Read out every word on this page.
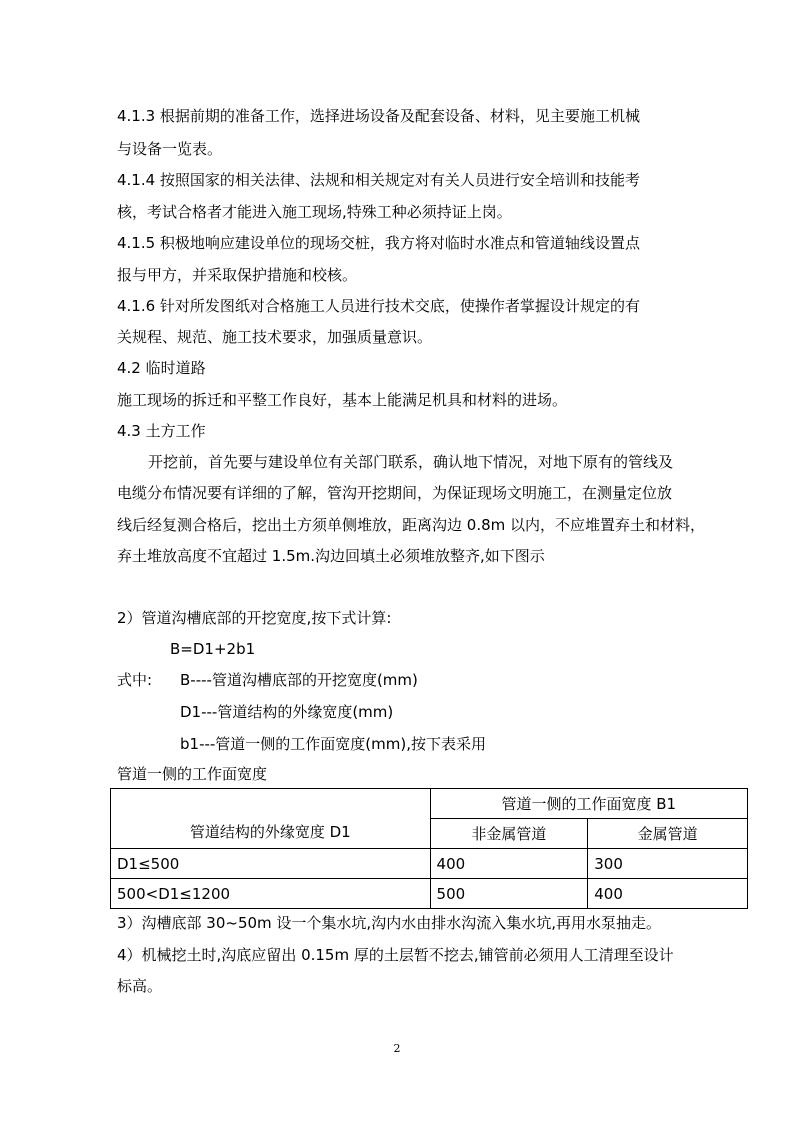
4.1.3 根据前期的准备工作，选择进场设备及配套设备、材料，见主要施工机械
与设备一览表。
4.1.4 按照国家的相关法律、法规和相关规定对有关人员进行安全培训和技能考
核，考试合格者才能进入施工现场,特殊工种必须持证上岗。
4.1.5 积极地响应建设单位的现场交桩，我方将对临时水准点和管道轴线设置点
报与甲方，并采取保护措施和校核。
4.1.6 针对所发图纸对合格施工人员进行技术交底，使操作者掌握设计规定的有
关规程、规范、施工技术要求，加强质量意识。
4.2 临时道路
施工现场的拆迁和平整工作良好，基本上能满足机具和材料的进场。
4.3 土方工作
开挖前，首先要与建设单位有关部门联系，确认地下情况，对地下原有的管线及
电缆分布情况要有详细的了解，管沟开挖期间，为保证现场文明施工，在测量定位放
线后经复测合格后，挖出土方须单侧堆放，距离沟边 0.8m 以内，不应堆置弃土和材料，
弃土堆放高度不宜超过 1.5m.沟边回填土必须堆放整齐,如下图示
2）管道沟槽底部的开挖宽度,按下式计算:
B=D1+2b1
式中: B----管道沟槽底部的开挖宽度(mm)
D1---管道结构的外缘宽度(mm)
b1---管道一侧的工作面宽度(mm),按下表采用
管道一侧的工作面宽度
管道结构的外缘宽度 D1	管道一侧的工作面宽度 B1	
	非金属管道	金属管道
D1≤500	400	300
500<D1≤1200	500	400
3）沟槽底部 30~50m 设一个集水坑,沟内水由排水沟流入集水坑,再用水泵抽走。
4）机械挖土时,沟底应留出 0.15m 厚的土层暂不挖去,铺管前必须用人工清理至设计
标高。
2
